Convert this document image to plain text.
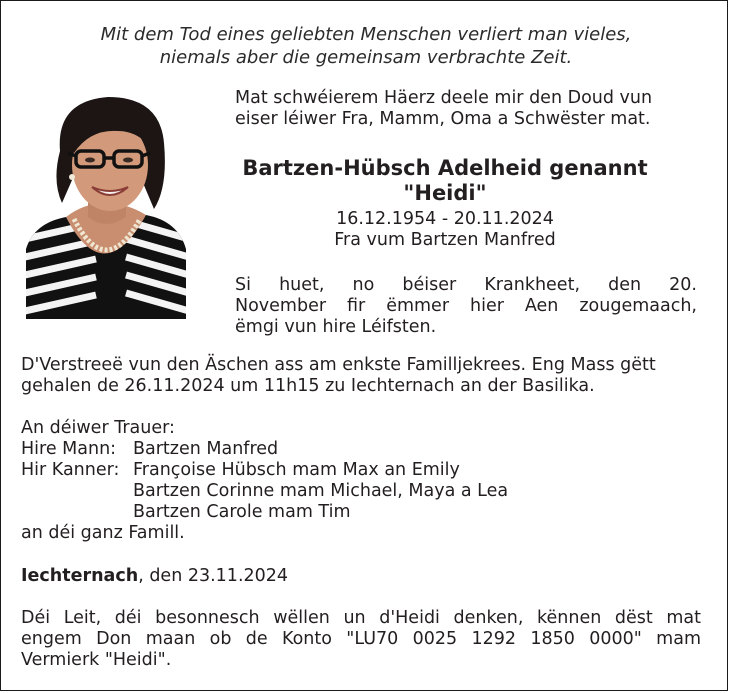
Mit dem Tod eines geliebten Menschen verliert man vieles,
niemals aber die gemeinsam verbrachte Zeit.
Mat schwéierem Häerz deele mir den Doud vun
eiser léiwer Fra, Mamm, Oma a Schwëster mat.
Bartzen-Hübsch Adelheid genannt
"Heidi"
16.12.1954 - 20.11.2024
Fra vum Bartzen Manfred
Si huet, no béiser Krankheet, den 20.
November fir ëmmer hier Aen zougemaach,
ëmgi vun hire Léifsten.
D'Verstreeë vun den Äschen ass am enkste Familljekrees. Eng Mass gëtt
gehalen de 26.11.2024 um 11h15 zu Iechternach an der Basilika.
An déiwer Trauer:
Hire Mann: Bartzen Manfred
Hir Kanner: Françoise Hübsch mam Max an Emily
Bartzen Corinne mam Michael, Maya a Lea
Bartzen Carole mam Tim
an déi ganz Famill.
Iechternach, den 23.11.2024
Déi Leit, déi besonnesch wëllen un d'Heidi denken, kënnen dëst mat
engem Don maan ob de Konto "LU70 0025 1292 1850 0000" mam
Vermierk "Heidi".
